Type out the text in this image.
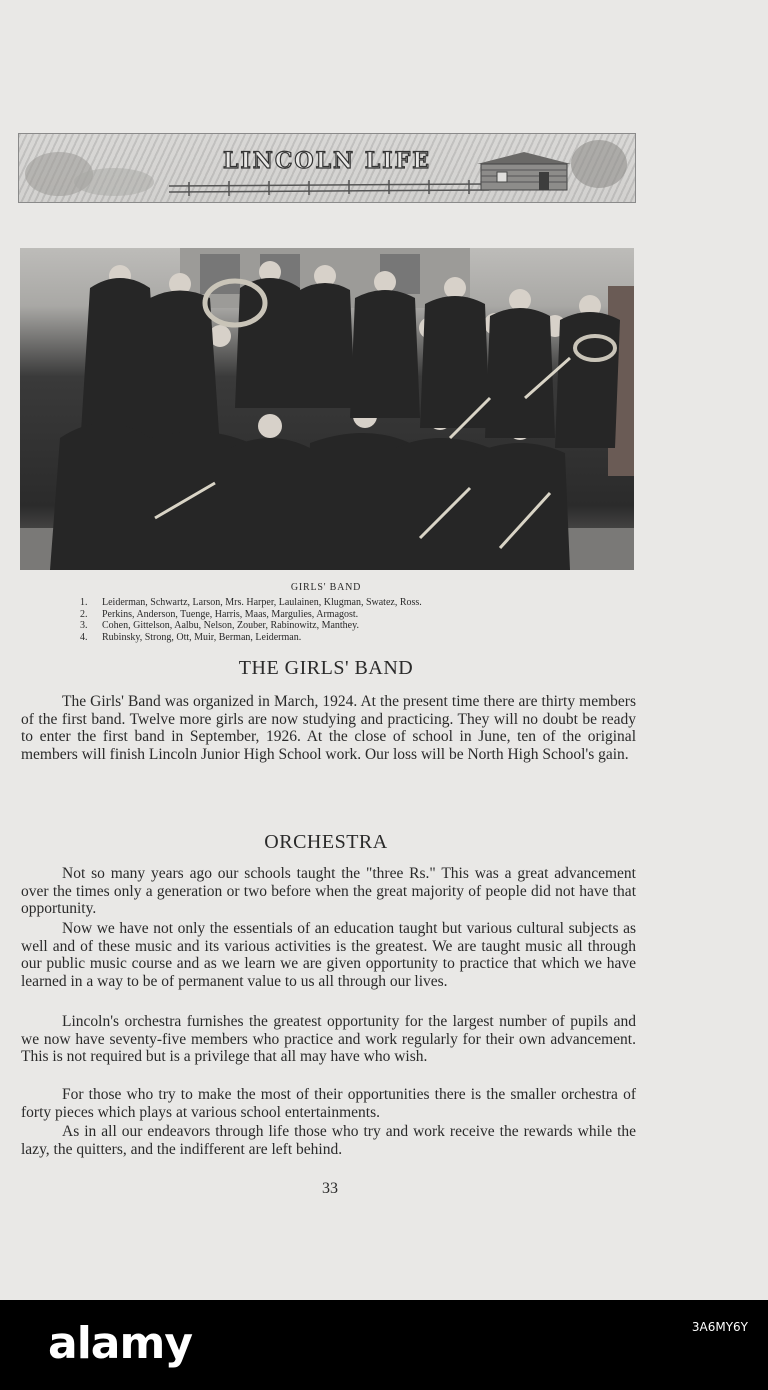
LINCOLN LIFE
GIRLS' BAND
1. Leiderman, Schwartz, Larson, Mrs. Harper, Laulainen, Klugman, Swatez, Ross.
2. Perkins, Anderson, Tuenge, Harris, Maas, Margulies, Armagost.
3. Cohen, Gittelson, Aalbu, Nelson, Zouber, Rabinowitz, Manthey.
4. Rubinsky, Strong, Ott, Muir, Berman, Leiderman.
THE GIRLS' BAND

The Girls' Band was organized in March, 1924. At the present time there are thirty members of the first band. Twelve more girls are now studying and practicing. They will no doubt be ready to enter the first band in September, 1926. At the close of school in June, ten of the original members will finish Lincoln Junior High School work. Our loss will be North High School's gain.

ORCHESTRA

Not so many years ago our schools taught the "three Rs." This was a great advancement over the times only a generation or two before when the great majority of people did not have that opportunity.

Now we have not only the essentials of an education taught but various cultural subjects as well and of these music and its various activities is the greatest. We are taught music all through our public music course and as we learn we are given opportunity to practice that which we have learned in a way to be of permanent value to us all through our lives.

Lincoln's orchestra furnishes the greatest opportunity for the largest number of pupils and we now have seventy-five members who practice and work regularly for their own advancement. This is not required but is a privilege that all may have who wish.

For those who try to make the most of their opportunities there is the smaller orchestra of forty pieces which plays at various school entertainments.

As in all our endeavors through life those who try and work receive the rewards while the lazy, the quitters, and the indifferent are left behind.

33
alamy	3A6MY6Y
